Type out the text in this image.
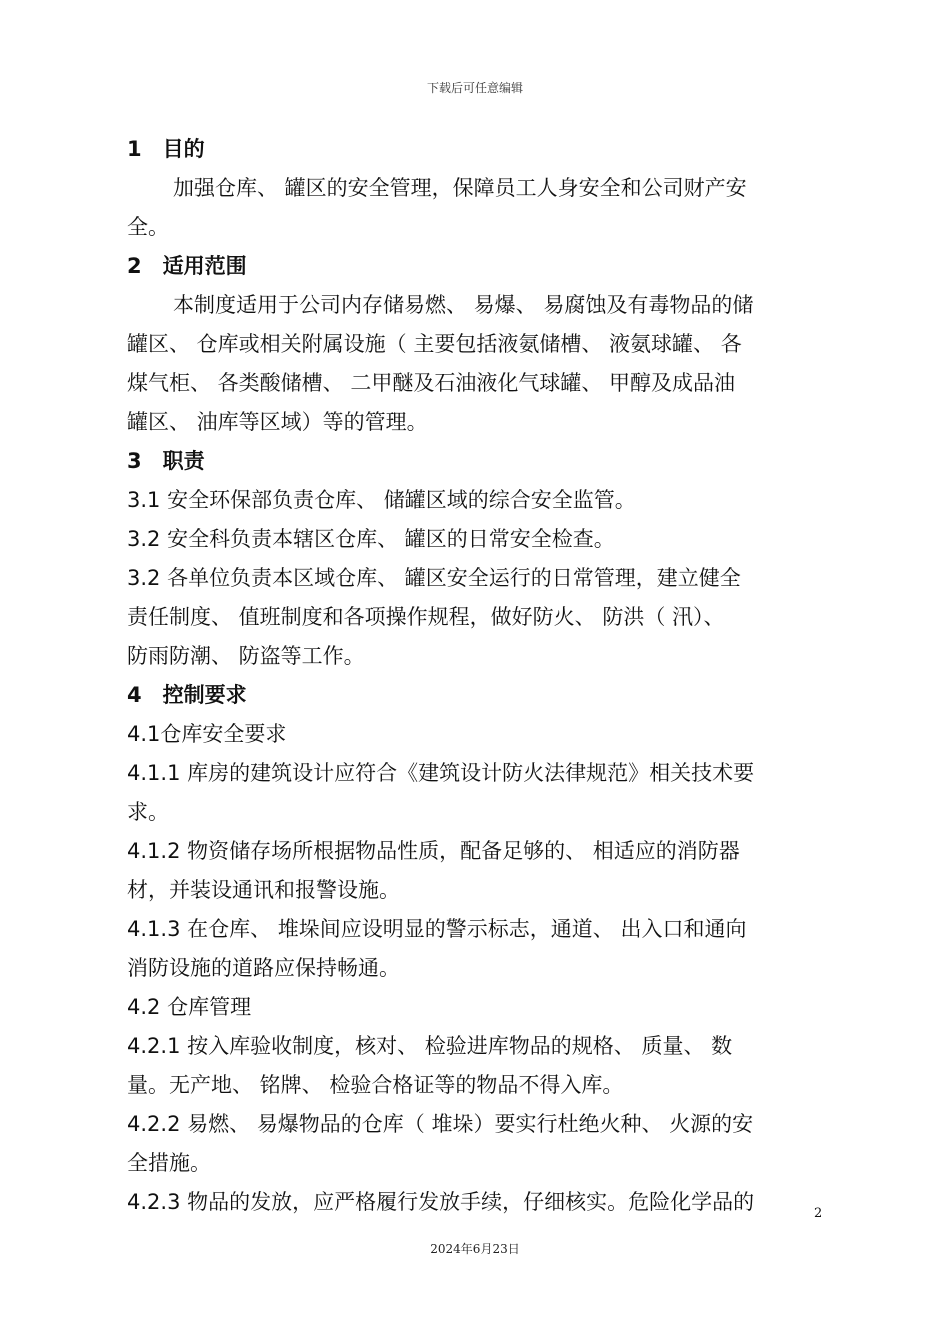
下载后可任意编辑
1　目的
加强仓库、 罐区的安全管理，保障员工人身安全和公司财产安
全。
2　适用范围
本制度适用于公司内存储易燃、 易爆、 易腐蚀及有毒物品的储
罐区、 仓库或相关附属设施（ 主要包括液氨储槽、 液氨球罐、 各
煤气柜、 各类酸储槽、 二甲醚及石油液化气球罐、 甲醇及成品油
罐区、 油库等区域）等的管理。
3　职责
3.1 安全环保部负责仓库、 储罐区域的综合安全监管。
3.2 安全科负责本辖区仓库、 罐区的日常安全检查。
3.2 各单位负责本区域仓库、 罐区安全运行的日常管理，建立健全
责任制度、 值班制度和各项操作规程，做好防火、 防洪（ 汛）、
防雨防潮、 防盗等工作。
4　控制要求
4.1仓库安全要求
4.1.1 库房的建筑设计应符合《建筑设计防火法律规范》相关技术要
求。
4.1.2 物资储存场所根据物品性质，配备足够的、 相适应的消防器
材，并装设通讯和报警设施。
4.1.3 在仓库、 堆垛间应设明显的警示标志，通道、 出入口和通向
消防设施的道路应保持畅通。
4.2 仓库管理
4.2.1 按入库验收制度，核对、 检验进库物品的规格、 质量、 数
量。无产地、 铭牌、 检验合格证等的物品不得入库。
4.2.2 易燃、 易爆物品的仓库（ 堆垛）要实行杜绝火种、 火源的安
全措施。
4.2.3 物品的发放，应严格履行发放手续，仔细核实。危险化学品的	2
2024年6月23日
